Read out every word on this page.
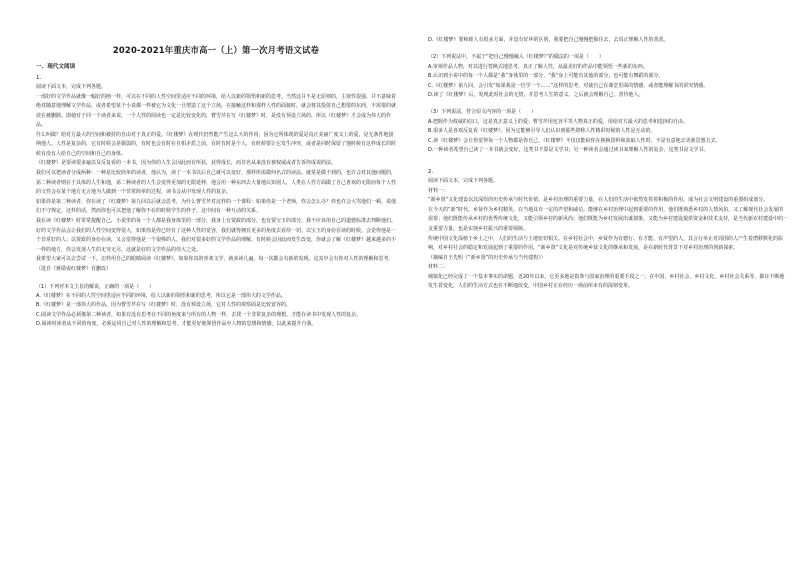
2020-2021年重庆市高一（上）第一次月考语文试卷
一、现代文阅读
1.
阅读下面文本，完成下列各题。

一部好的文学作品就像一幅好的画一样，可以在不同的人性空间里适应不同的环境，给人以新的领悟和新的思考。当然这并不是无原则的，主观性很强，并不意味着绝对随意地理解文学作品，或者希望某个小说都一样被它为文化一旦塑造了这个立场，在接触这样和那样人性的面貌时，就会将其投射自己想要的东西，不需要的就放在被删除。即使对于同一个读者来说，一个人性的阅读也一定是比较变化的，曹雪芹在写《红楼梦》时，是没有预设立场的，所以《红楼梦》才会成为伟大的作品。

什么叫做？给对方最大的空间和被持的自由对于真正的爱。《红楼梦》在现代仍然能产生这么大的作用，因为它所体现的爱是真正美丽广度又上的爱，是无条件地接纳他人。人性是复杂的，它有时候会是懦弱的，有时也会有时在自相矛盾之前，有时有时是个人，有时候要让它发生冲突，或者是同时保留了他时候有这样成长的时候有没有人给自己的空间和自己的身体。

《红楼梦》是要读很多遍以及反复看的一本书，因为你的人生会因此而有所获，获得成长，而非名从来没有被权威或者告诉你成说的法。

我们可以把读者分成两种：一种是比较简单的读者，他认为，读了一本书以后自己就可以变好，那样所需做何名式的读法。就常是做不到的，也许会对其他问题的，第二种读者则在于具体的人生和他，第二种读者的人生会变得更加的无限延伸，他会用一种东西去大量地认知别人，人类在人性方面做了自己喜欢的无限而每个人性的文性会在某个地方无言地为人做到一个非常简单的过程，读书会从中发现人性的复杂。

如果你是第二种读者，你在读了《红楼梦》第九回以后就会思考，为什么曹雪芹对这样的一个课程：如果你是一个老师，你会怎么办？你也许会大骂他们一顿，说他们不守规定，这样的话，然而你也可以把他了解你不在的时候学生的样子。这中间有一种互动的关系。

我在读《红楼梦》时常常提醒自己，小说里的每一个人都是我身体里的一部分，我身上有贾政的部分，也有贾宝玉的部分，我不应该用自己的道德标准去判断他们。

好的文学作品会让我们的人性空间变得很大，如果你是你已经有了这种人性的宽容，我们就得拥有更多的角度去看待一切。以宝玉的身份在读的时候，会觉得他是一个非常好的人；以贾政的身份在读，又会觉得他是一个很棒的人。我们对很多好的文学作品的理解，有时候会因此而发生改变，你就会了解《红楼梦》越来越多的不一样的地方，你会发现人生的无穷无尽，这就是好的文学作品的伟大之处。

我希望大家可以去尝试一下，怎样用自己的眼睛阅读《红楼梦》，如果你真的喜欢文学，就多读几遍，每一次都会有新的发现。这其中会有你对人性的理解和思考。

（选自《蒋勋说红楼梦》有删改）
（1）下列对本文主旨的解说，正确的一项是（　　）

A.《红楼梦》在不同的人性空间里适应不同的环境，给人以新的领悟和新的思考，所以它是一部伟大的文学作品。

B.《红楼梦》是一部伟大的作品，因为曹雪芹在写《红楼梦》时，没有预设立场，它对人性的观察面是比较宽容的。

C.阅读文学作品必须像第二种读者，如果有没有思考在不同的角度来与所有的人物一样，去找一个非常复杂的理想，才能在读书中发现人性的复杂。

D.阅读时读者从不同的角度，必须运用自己对人性的理解和思考，才能更好地领悟作品中人物的思想和情感，以此来提升自我。

D.《红楼梦》要和睦人有很多方面，并没有好坏的区别，我要把自己慢慢把握住去，去真正理解人性的善恶。

（2）下列说法中，不属于“把自己慢慢融入《红楼梦》”的做法的一项是（　　）

A.审视作品人物，对其进行替换式地思考，真正了解人性，从最美好的作品中能领悟一些新的东西。

B.认识到小说中的每一个人都是“我”身体里的一部分，“我”身上可能有其他的部分，也可能有舞蹈的部分。

C.《红楼梦》第九回，会引发“如果我是一位学一个……”这样的思考，对使自己在课堂里面的情感，或者能理解书的讲究情感。

D.读了《红楼梦》后，发现此时社会的无情，并思考人生的意义，之后就会理解自己，善待他人。

（3）下列说法，符合原文内容的一项是（　　）

A.把握作为权威的信口，这是真正意义上的爱；曹雪芹用包容平等人物真正的爱，用给对方最大的思考和选择的自由。

B.很多人是喜欢反复看《红楼梦》，因为它能够引导人们认识到那些堪称人性精彩时候的人性是互动的。

C.读《红楼梦》会让你觉得每一个人物都是你自己，《红楼梦》不仅仅能给你在换换资料和获取人性时，不是有意地去更新思想方式。

D.一种读者希望自己读了一本书就会变好，这类书不算是文学书；另一种读者会通过读书来理解人性的复杂，这类书是文学书。

2.
阅读下面文本，完成下列各题。
材料一：

“新乡贤”文化建设以其深厚的历史传承与时代价值，是乡村治理的重要力量，在人们的生活中依然发挥着积极的作用，成为社会文明建设的重要组成部分。

在今天的“新”时代，乡贤作为乡村精英，在当地具有一定的声望和威信，能够在乡村治理中起到重要的作用。他们既熟悉乡村的人情风俗，又了解现代社会发展的需要；他们既能传承乡村的优秀传统文化，又能引领乡村的新风尚；他们既能为乡村发展出谋划策，又能为乡村建设提供资金和技术支持，是当代新农村建设中的一支重要力量，也是实现乡村振兴的重要保障。

传统中国文化深植于乡土之中，人们的生活与土地密切相关。在乡村社会中，乡贤作为有德行、有才能、有声望的人，其言行举止对周围的人产生着潜移默化的影响，对乡村社会的稳定和发展起到了重要的作用。“新乡贤”文化是对传统乡贤文化的继承和发展，是在新时代背景下对乡村治理的创新探索。

（摘编自王先明《“新乡贤”的历史传承与当代建构》）
材料二：

城镇化已经完成了一个基本事实的命题，近20年以来，它更多地是指参与国家治理的重要手段之一，在中国，乡村社会、乡村文化、乡村社会关系等，都在不断地发生着变化，人们的生活方式也在不断地改变，中国乡村正在经历一场前所未有的深刻变革。
